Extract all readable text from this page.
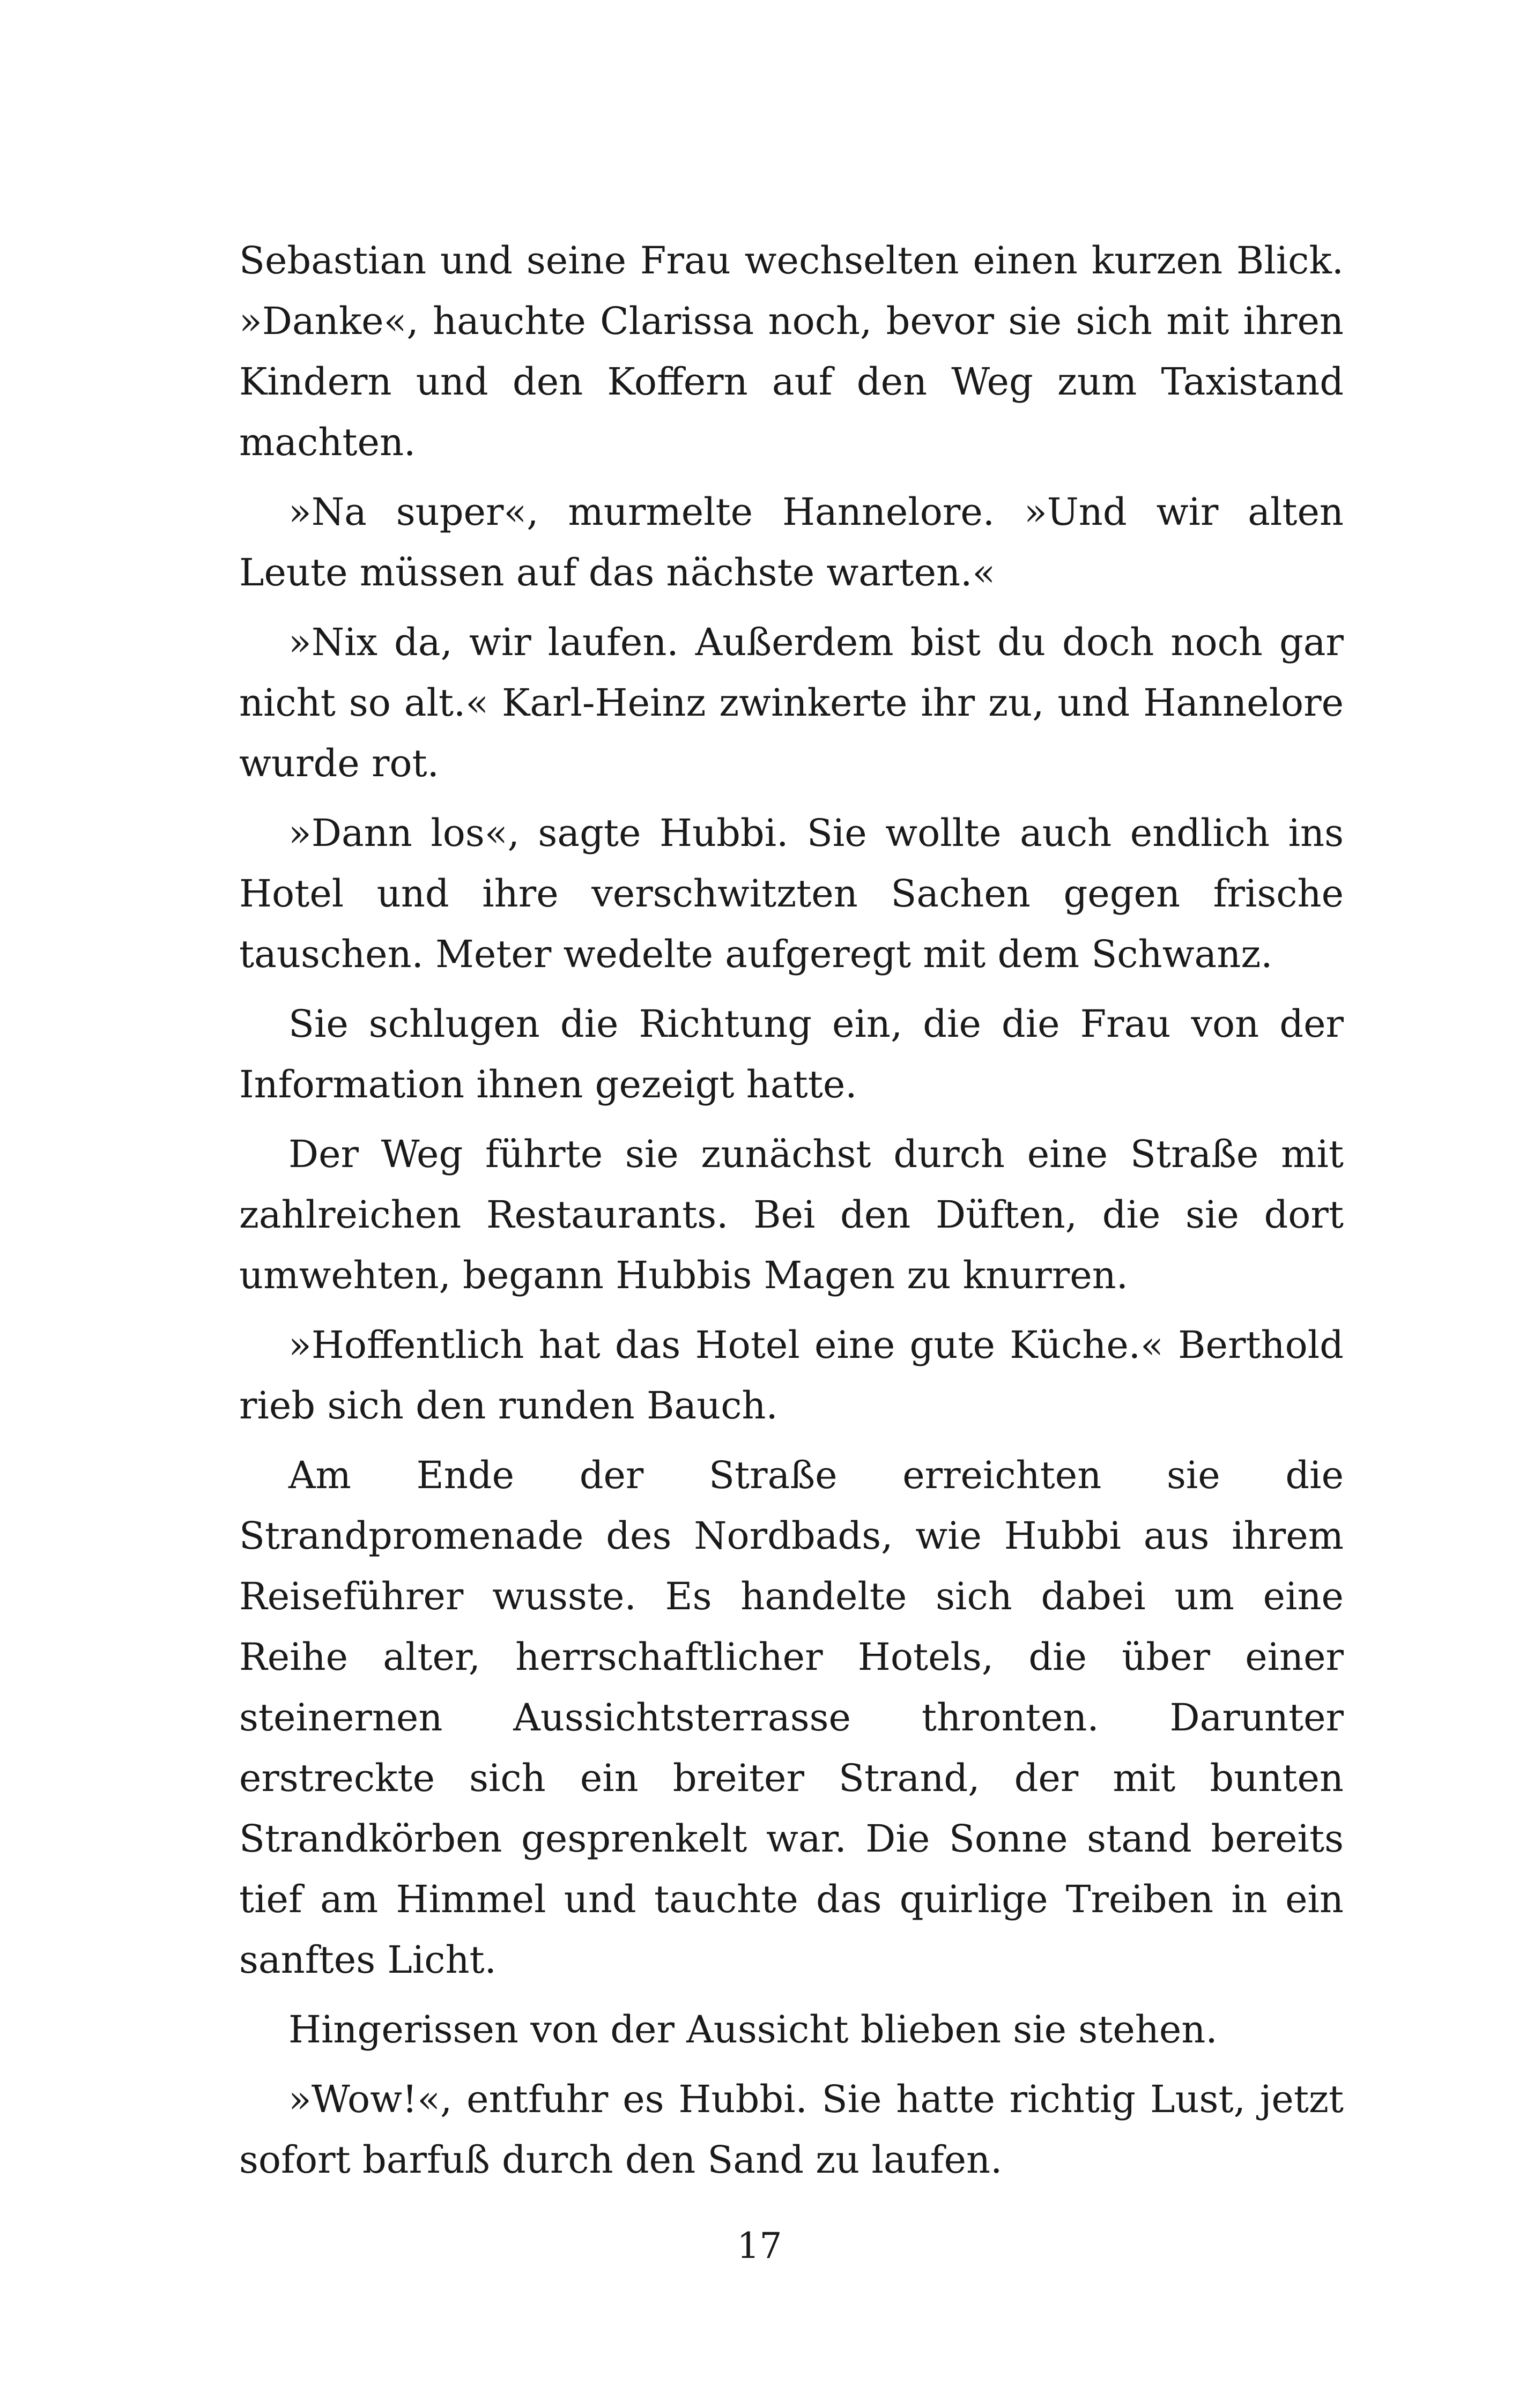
Sebastian und seine Frau wechselten einen kurzen Blick. »Danke«, hauchte Clarissa noch, bevor sie sich mit ihren Kindern und den Koffern auf den Weg zum Taxistand machten.

»Na super«, murmelte Hannelore. »Und wir alten Leute müssen auf das nächste warten.«

»Nix da, wir laufen. Außerdem bist du doch noch gar nicht so alt.« Karl-Heinz zwinkerte ihr zu, und Hannelore wurde rot.

»Dann los«, sagte Hubbi. Sie wollte auch endlich ins Hotel und ihre verschwitzten Sachen gegen frische tauschen. Meter wedelte aufgeregt mit dem Schwanz.

Sie schlugen die Richtung ein, die die Frau von der Information ihnen gezeigt hatte.

Der Weg führte sie zunächst durch eine Straße mit zahlreichen Restaurants. Bei den Düften, die sie dort umwehten, begann Hubbis Magen zu knurren.

»Hoffentlich hat das Hotel eine gute Küche.« Berthold rieb sich den runden Bauch.

Am Ende der Straße erreichten sie die Strandpromenade des Nordbads, wie Hubbi aus ihrem Reiseführer wusste. Es handelte sich dabei um eine Reihe alter, herrschaftlicher Hotels, die über einer steinernen Aussichtsterrasse thronten. Darunter erstreckte sich ein breiter Strand, der mit bunten Strandkörben gesprenkelt war. Die Sonne stand bereits tief am Himmel und tauchte das quirlige Treiben in ein sanftes Licht.

Hingerissen von der Aussicht blieben sie stehen.

»Wow!«, entfuhr es Hubbi. Sie hatte richtig Lust, jetzt sofort barfuß durch den Sand zu laufen.

17
